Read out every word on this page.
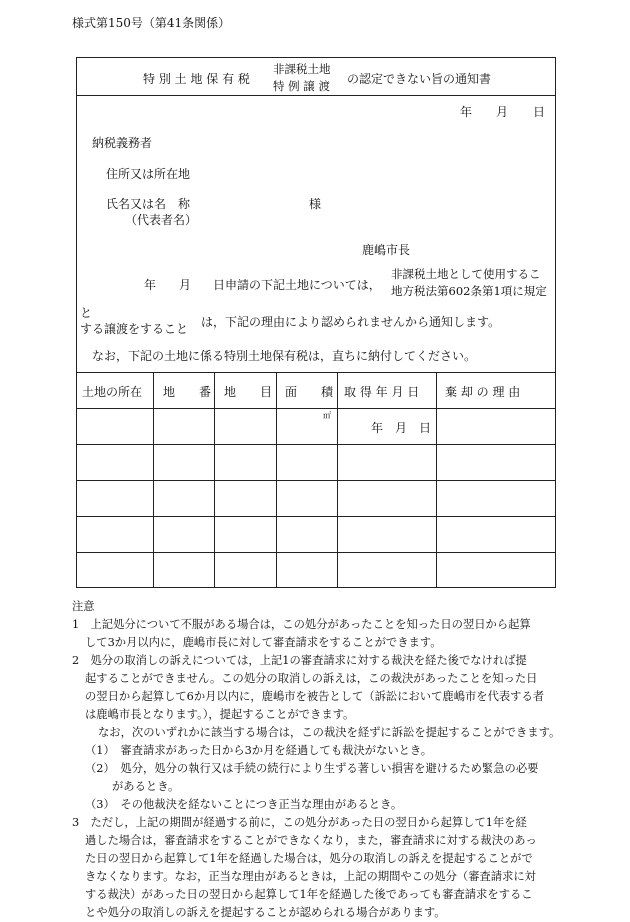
様式第150号（第41条関係）
特 別 土 地 保 有 税
非課税土地
特 例 譲 渡 の認定できない旨の通知書
年 月 日
納税義務者
住所又は所在地
氏名又は名　称	様
（代表者名）
鹿嶋市長
年 月 日申請の下記土地については，
非課税土地として使用するこ
地方税法第602条第1項に規定
と
する譲渡をすること は，下記の理由により認められませんから通知します。
なお，下記の土地に係る特別土地保有税は，直ちに納付してください。
土地の所在 地　　番 地　　目 面　　積 取 得 年 月 日 棄 却 の 理 由
㎡
年　月　日
注意
1　上記処分について不服がある場合は，この処分があったことを知った日の翌日から起算
して3か月以内に，鹿嶋市長に対して審査請求をすることができます。
2　処分の取消しの訴えについては，上記1の審査請求に対する裁決を経た後でなければ提
起することができません。この処分の取消しの訴えは，この裁決があったことを知った日
の翌日から起算して6か月以内に，鹿嶋市を被告として（訴訟において鹿嶋市を代表する者
は鹿嶋市長となります。），提起することができます。
なお，次のいずれかに該当する場合は，この裁決を経ずに訴訟を提起することができます。
（1）　審査請求があった日から3か月を経過しても裁決がないとき。
（2）　処分，処分の執行又は手続の続行により生ずる著しい損害を避けるため緊急の必要
があるとき。
（3）　その他裁決を経ないことにつき正当な理由があるとき。
3　ただし，上記の期間が経過する前に，この処分があった日の翌日から起算して1年を経
過した場合は，審査請求をすることができなくなり，また，審査請求に対する裁決のあっ
た日の翌日から起算して1年を経過した場合は，処分の取消しの訴えを提起することがで
きなくなります。なお，正当な理由があるときは，上記の期間やこの処分（審査請求に対
する裁決）があった日の翌日から起算して1年を経過した後であっても審査請求をするこ
とや処分の取消しの訴えを提起することが認められる場合があります。
